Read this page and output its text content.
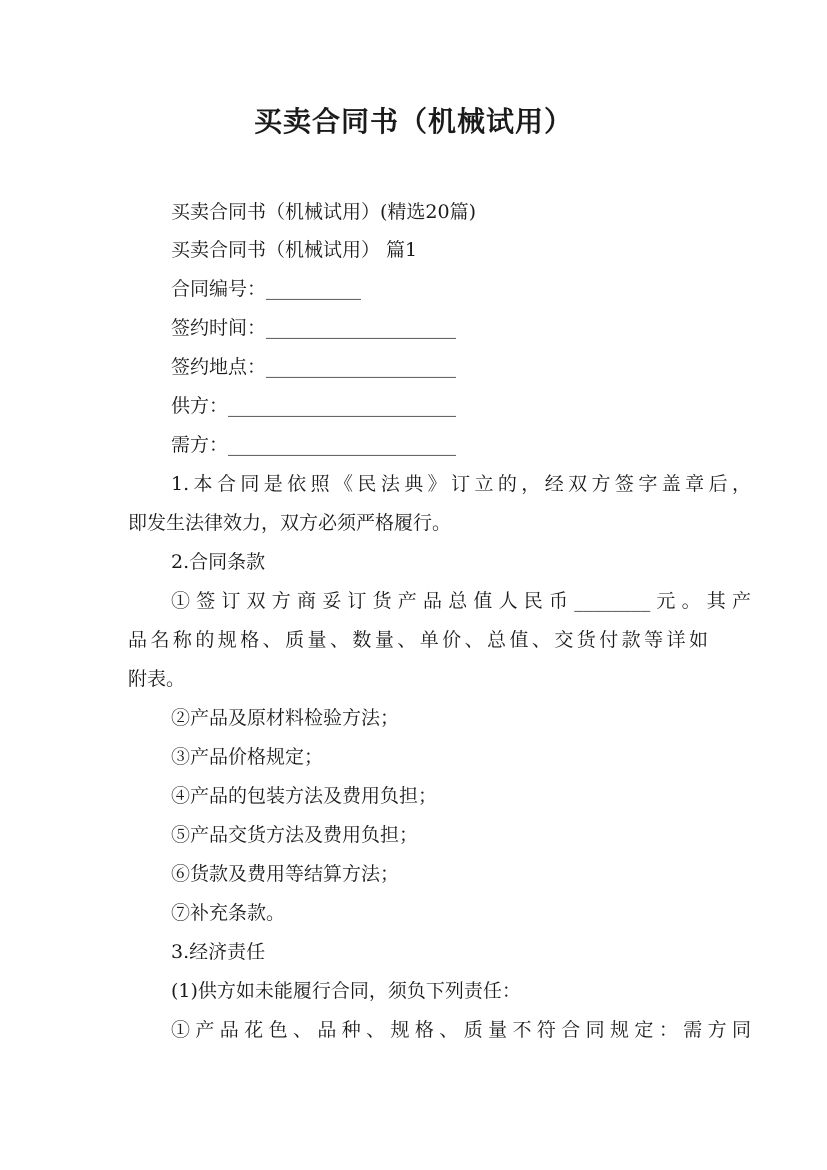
买卖合同书（机械试用）
买卖合同书（机械试用）(精选20篇)
买卖合同书（机械试用） 篇1
合同编号：__________
签约时间：____________________
签约地点：____________________
供方：________________________
需方：________________________
1.本合同是依照《民法典》订立的，经双方签字盖章后，
即发生法律效力，双方必须严格履行。
2.合同条款
①签订双方商妥订货产品总值人民币________元。其产
品名称的规格、质量、数量、单价、总值、交货付款等详如
附表。
②产品及原材料检验方法；
③产品价格规定；
④产品的包装方法及费用负担；
⑤产品交货方法及费用负担；
⑥货款及费用等结算方法；
⑦补充条款。
3.经济责任
(1)供方如未能履行合同，须负下列责任：
①产品花色、品种、规格、质量不符合同规定：需方同
